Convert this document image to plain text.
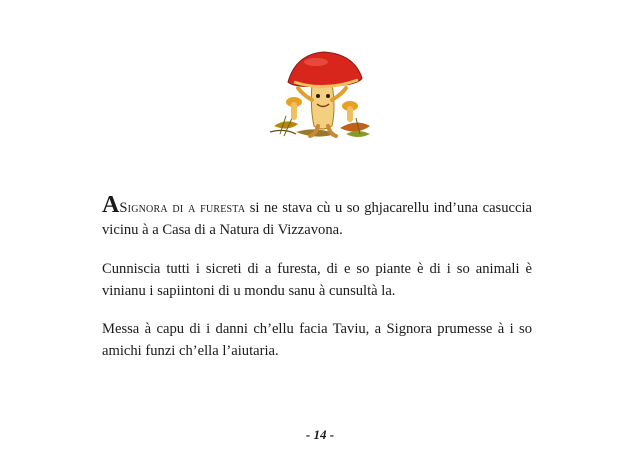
ASignora di a furesta si ne stava cù u so ghjacarellu ind’una casuccia vicinu à a Casa di a Natura di Vizzavona.
Cunniscia tutti i sicreti di a furesta, di e so piante è di i so animali è vinianu i sapiintoni di u mondu sanu à cunsultà la.
Messa à capu di i danni ch’ellu facia Taviu, a Signora prumesse à i so amichi funzi ch’ella l’aiutaria.
- 14 -
